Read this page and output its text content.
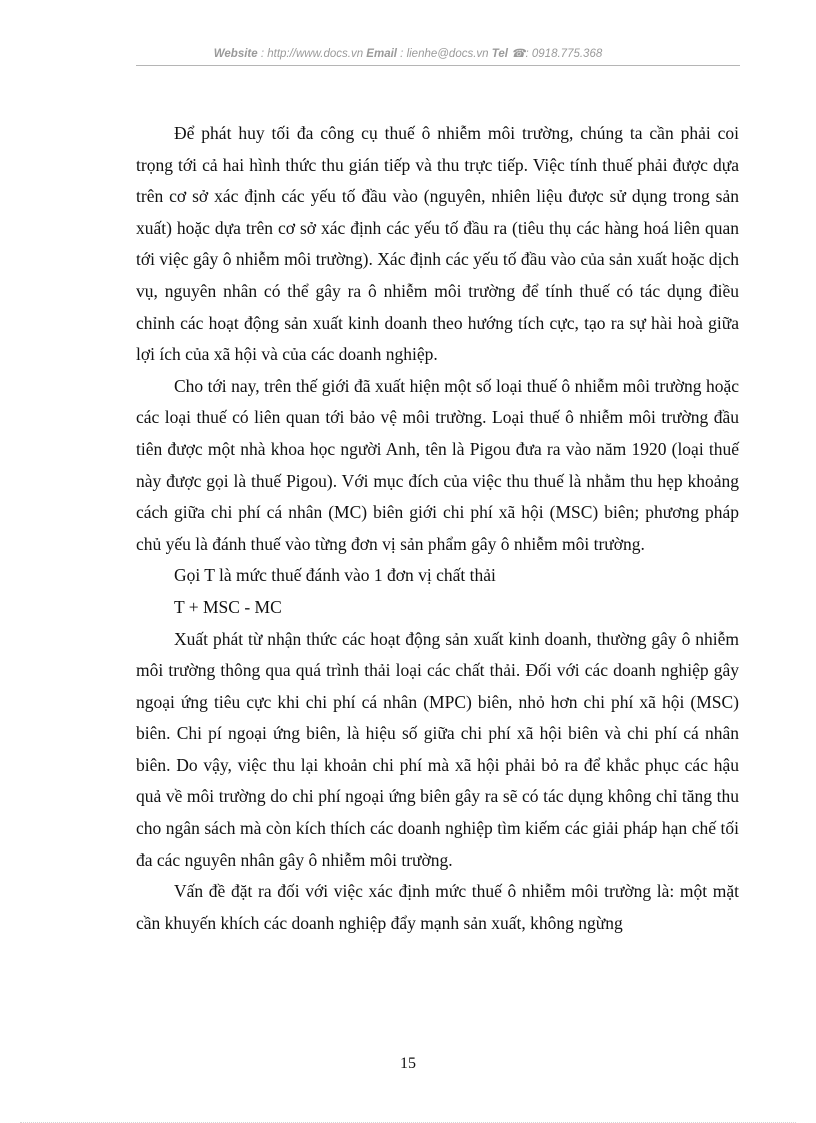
Website : http://www.docs.vn Email : lienhe@docs.vn Tel ☎: 0918.775.368

Để phát huy tối đa công cụ thuế ô nhiễm môi trường, chúng ta cần phải coi trọng tới cả hai hình thức thu gián tiếp và thu trực tiếp. Việc tính thuế phải được dựa trên cơ sở xác định các yếu tố đầu vào (nguyên, nhiên liệu được sử dụng trong sản xuất) hoặc dựa trên cơ sở xác định các yếu tố đầu ra (tiêu thụ các hàng hoá liên quan tới việc gây ô nhiễm môi trường). Xác định các yếu tố đầu vào của sản xuất hoặc dịch vụ, nguyên nhân có thể gây ra ô nhiễm môi trường để tính thuế có tác dụng điều chỉnh các hoạt động sản xuất kinh doanh theo hướng tích cực, tạo ra sự hài hoà giữa lợi ích của xã hội và của các doanh nghiệp.

Cho tới nay, trên thế giới đã xuất hiện một số loại thuế ô nhiễm môi trường hoặc các loại thuế có liên quan tới bảo vệ môi trường. Loại thuế ô nhiễm môi trường đầu tiên được một nhà khoa học người Anh, tên là Pigou đưa ra vào năm 1920 (loại thuế này được gọi là thuế Pigou). Với mục đích của việc thu thuế là nhằm thu hẹp khoảng cách giữa chi phí cá nhân (MC) biên giới chi phí xã hội (MSC) biên; phương pháp chủ yếu là đánh thuế vào từng đơn vị sản phẩm gây ô nhiễm môi trường.

Gọi T là mức thuế đánh vào 1 đơn vị chất thải

T + MSC - MC

Xuất phát từ nhận thức các hoạt động sản xuất kinh doanh, thường gây ô nhiễm môi trường thông qua quá trình thải loại các chất thải. Đối với các doanh nghiệp gây ngoại ứng tiêu cực khi chi phí cá nhân (MPC) biên, nhỏ hơn chi phí xã hội (MSC) biên. Chi pí ngoại ứng biên, là hiệu số giữa chi phí xã hội biên và chi phí cá nhân biên. Do vậy, việc thu lại khoản chi phí mà xã hội phải bỏ ra để khắc phục các hậu quả về môi trường do chi phí ngoại ứng biên gây ra sẽ có tác dụng không chỉ tăng thu cho ngân sách mà còn kích thích các doanh nghiệp tìm kiếm các giải pháp hạn chế tối đa các nguyên nhân gây ô nhiễm môi trường.

Vấn đề đặt ra đối với việc xác định mức thuế ô nhiễm môi trường là: một mặt cần khuyến khích các doanh nghiệp đẩy mạnh sản xuất, không ngừng

15
